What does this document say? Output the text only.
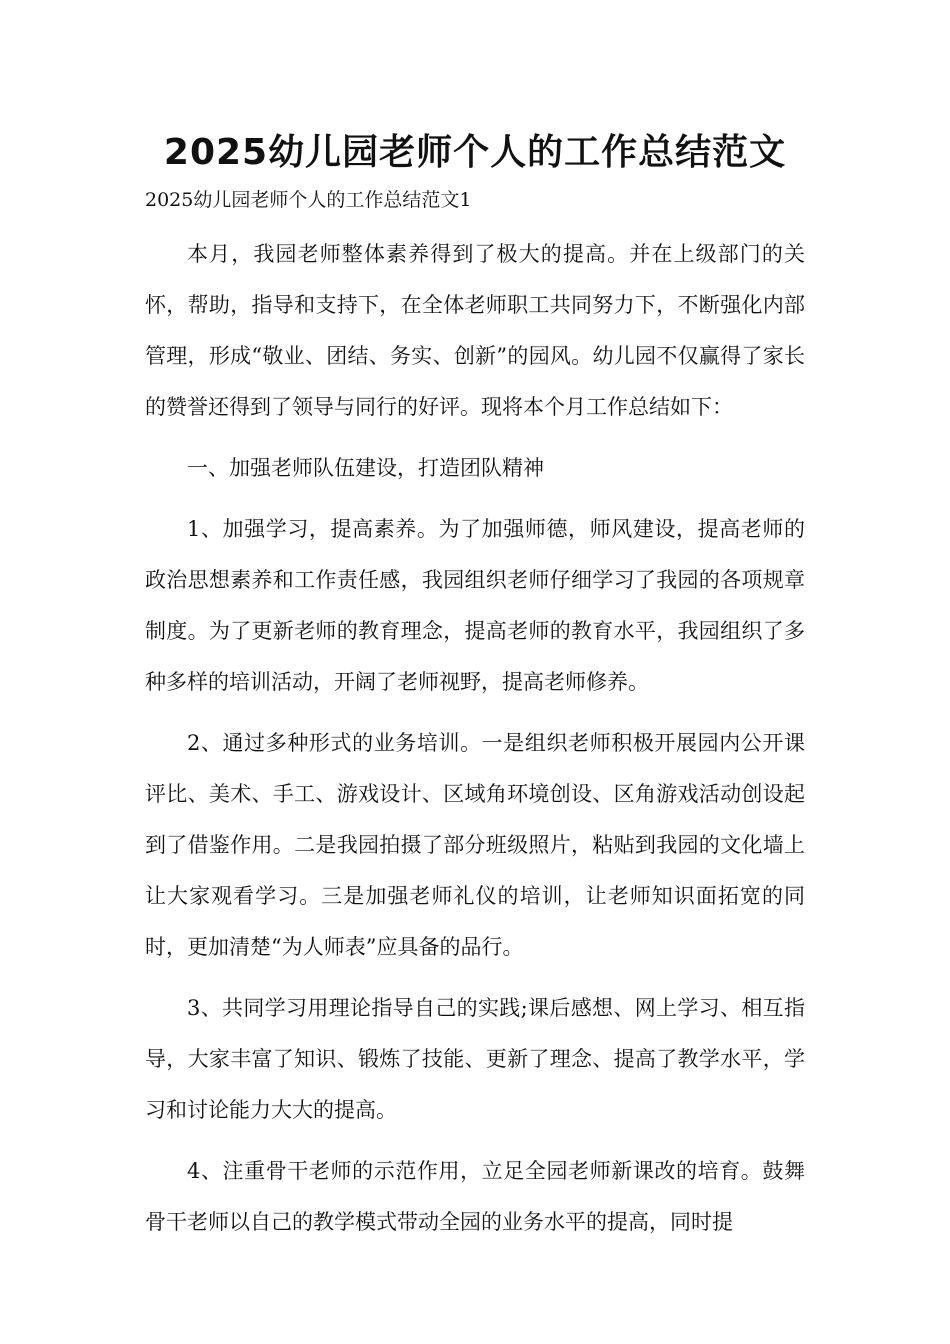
2025幼儿园老师个人的工作总结范文
2025幼儿园老师个人的工作总结范文1

本月，我园老师整体素养得到了极大的提高。并在上级部门的关怀，帮助，指导和支持下，在全体老师职工共同努力下，不断强化内部管理，形成“敬业、团结、务实、创新”的园风。幼儿园不仅赢得了家长的赞誉还得到了领导与同行的好评。现将本个月工作总结如下：

一、加强老师队伍建设，打造团队精神

1、加强学习，提高素养。为了加强师德，师风建设，提高老师的政治思想素养和工作责任感，我园组织老师仔细学习了我园的各项规章制度。为了更新老师的教育理念，提高老师的教育水平，我园组织了多种多样的培训活动，开阔了老师视野，提高老师修养。

2、通过多种形式的业务培训。一是组织老师积极开展园内公开课评比、美术、手工、游戏设计、区域角环境创设、区角游戏活动创设起到了借鉴作用。二是我园拍摄了部分班级照片，粘贴到我园的文化墙上让大家观看学习。三是加强老师礼仪的培训，让老师知识面拓宽的同时，更加清楚“为人师表”应具备的品行。

3、共同学习用理论指导自己的实践;课后感想、网上学习、相互指导，大家丰富了知识、锻炼了技能、更新了理念、提高了教学水平，学习和讨论能力大大的提高。

4、注重骨干老师的示范作用，立足全园老师新课改的培育。鼓舞骨干老师以自己的教学模式带动全园的业务水平的提高，同时提
